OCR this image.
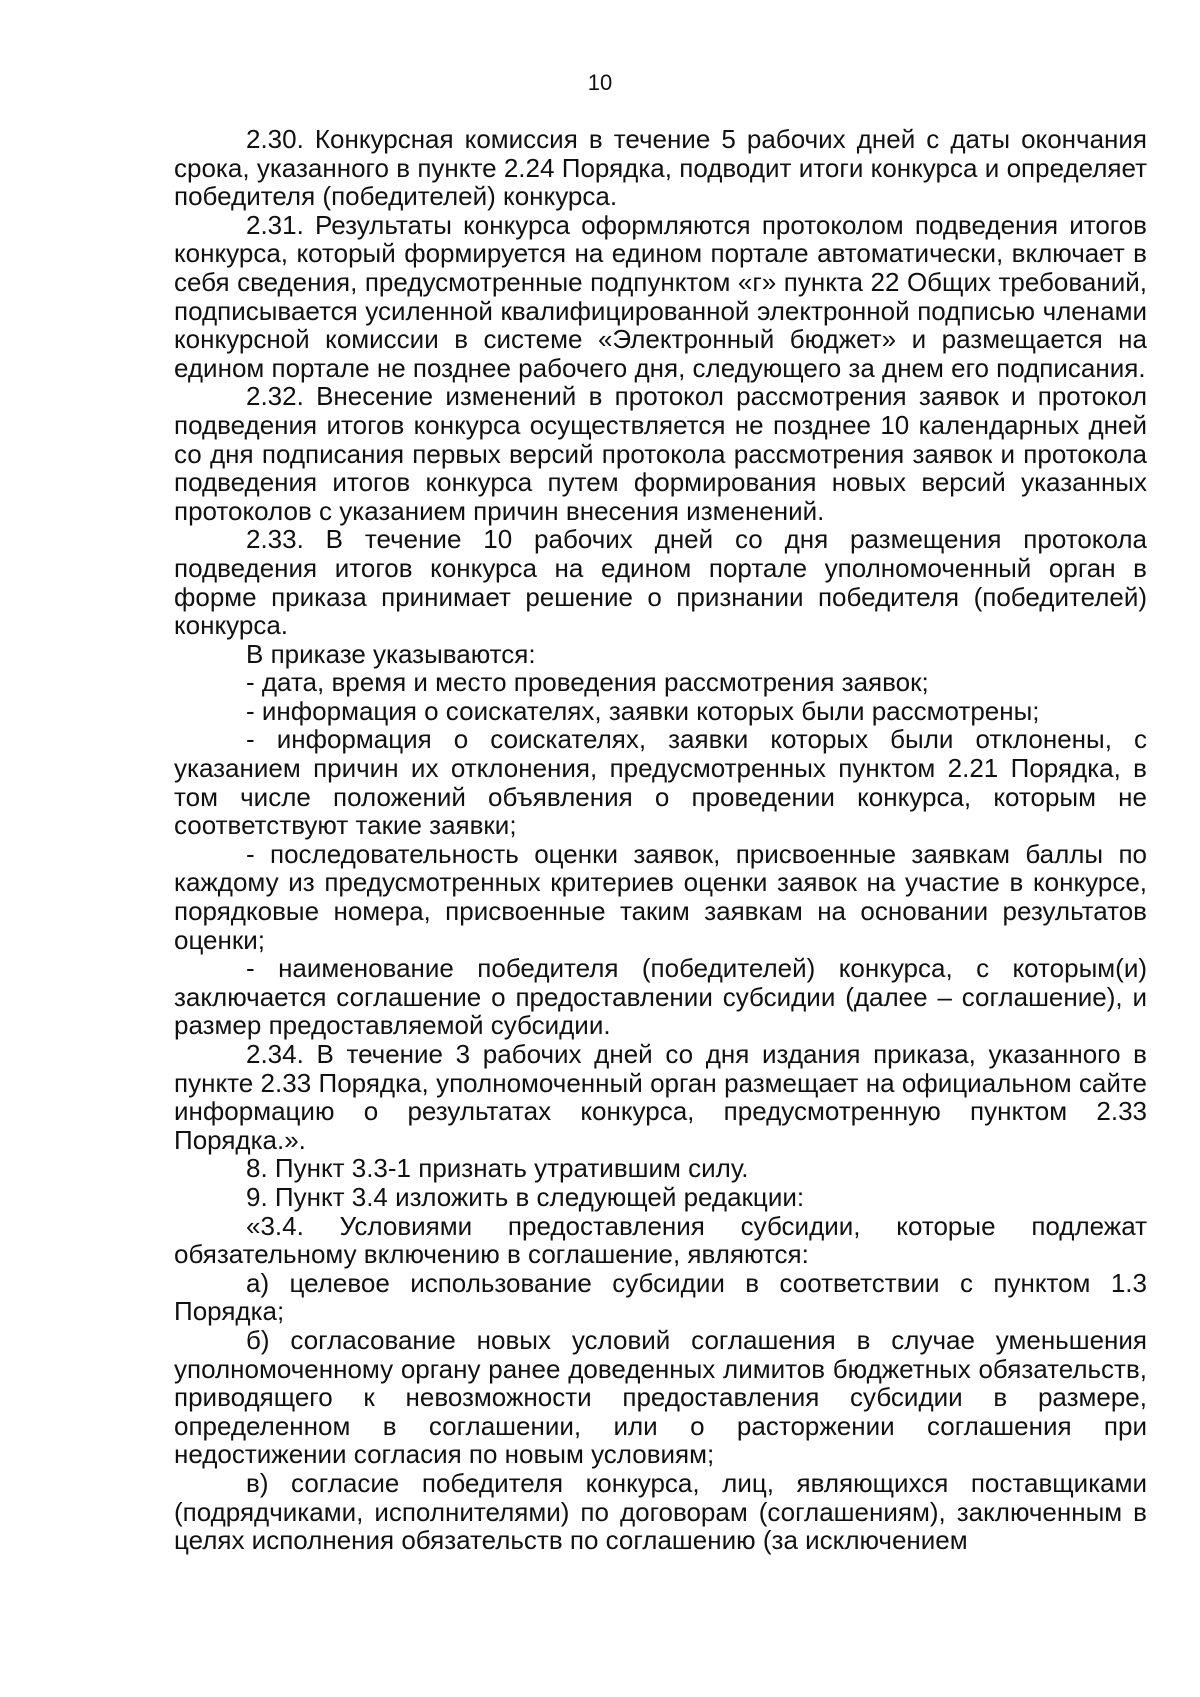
10

2.30. Конкурсная комиссия в течение 5 рабочих дней с даты окончания срока, указанного в пункте 2.24 Порядка, подводит итоги конкурса и определяет победителя (победителей) конкурса.

2.31. Результаты конкурса оформляются протоколом подведения итогов конкурса, который формируется на едином портале автоматически, включает в себя сведения, предусмотренные подпунктом «г» пункта 22 Общих требований, подписывается усиленной квалифицированной электронной подписью членами конкурсной комиссии в системе «Электронный бюджет» и размещается на едином портале не позднее рабочего дня, следующего за днем его подписания.

2.32. Внесение изменений в протокол рассмотрения заявок и протокол подведения итогов конкурса осуществляется не позднее 10 календарных дней со дня подписания первых версий протокола рассмотрения заявок и протокола подведения итогов конкурса путем формирования новых версий указанных протоколов с указанием причин внесения изменений.

2.33. В течение 10 рабочих дней со дня размещения протокола подведения итогов конкурса на едином портале уполномоченный орган в форме приказа принимает решение о признании победителя (победителей) конкурса.

В приказе указываются:

- дата, время и место проведения рассмотрения заявок;

- информация о соискателях, заявки которых были рассмотрены;

- информация о соискателях, заявки которых были отклонены, с указанием причин их отклонения, предусмотренных пунктом 2.21 Порядка, в том числе положений объявления о проведении конкурса, которым не соответствуют такие заявки;

- последовательность оценки заявок, присвоенные заявкам баллы по каждому из предусмотренных критериев оценки заявок на участие в конкурсе, порядковые номера, присвоенные таким заявкам на основании результатов оценки;

- наименование победителя (победителей) конкурса, с которым(и) заключается соглашение о предоставлении субсидии (далее – соглашение), и размер предоставляемой субсидии.

2.34. В течение 3 рабочих дней со дня издания приказа, указанного в пункте 2.33 Порядка, уполномоченный орган размещает на официальном сайте информацию о результатах конкурса, предусмотренную пунктом 2.33 Порядка.».

8. Пункт 3.3-1 признать утратившим силу.

9. Пункт 3.4 изложить в следующей редакции:

«3.4. Условиями предоставления субсидии, которые подлежат обязательному включению в соглашение, являются:

а) целевое использование субсидии в соответствии с пунктом 1.3 Порядка;

б) согласование новых условий соглашения в случае уменьшения уполномоченному органу ранее доведенных лимитов бюджетных обязательств, приводящего к невозможности предоставления субсидии в размере, определенном в соглашении, или о расторжении соглашения при недостижении согласия по новым условиям;

в) согласие победителя конкурса, лиц, являющихся поставщиками (подрядчиками, исполнителями) по договорам (соглашениям), заключенным в целях исполнения обязательств по соглашению (за исключением
